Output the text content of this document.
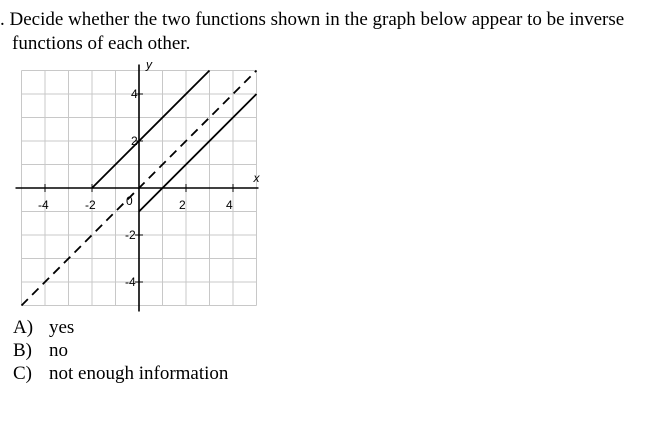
. Decide whether the two functions shown in the graph below appear to be inverse
functions of each other.
-4	-2	2	4
4
2
-2
-4
0
x
y
A) yes
B) no
C) not enough information
